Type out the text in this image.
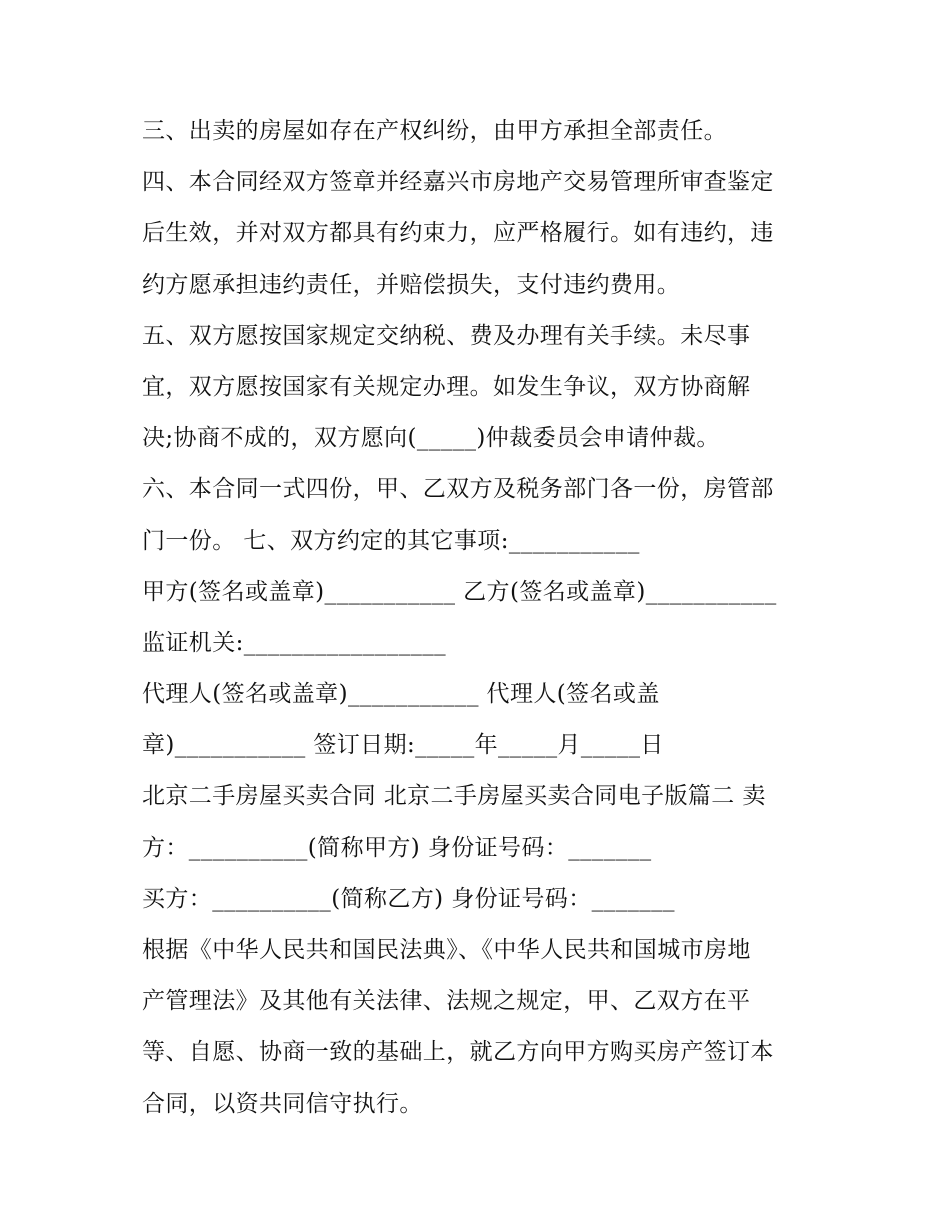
三、出卖的房屋如存在产权纠纷，由甲方承担全部责任。
四、本合同经双方签章并经嘉兴市房地产交易管理所审查鉴定
后生效，并对双方都具有约束力，应严格履行。如有违约，违
约方愿承担违约责任，并赔偿损失，支付违约费用。
五、双方愿按国家规定交纳税、费及办理有关手续。未尽事
宜，双方愿按国家有关规定办理。如发生争议，双方协商解
决;协商不成的，双方愿向(_____)仲裁委员会申请仲裁。
六、本合同一式四份，甲、乙双方及税务部门各一份，房管部
门一份。 七、双方约定的其它事项:___________
甲方(签名或盖章)___________ 乙方(签名或盖章)___________
监证机关:_________________
代理人(签名或盖章)___________ 代理人(签名或盖
章)___________ 签订日期:_____年_____月_____日
北京二手房屋买卖合同 北京二手房屋买卖合同电子版篇二 卖
方：__________(简称甲方) 身份证号码：_______
买方：__________(简称乙方) 身份证号码：_______
根据《中华人民共和国民法典》、《中华人民共和国城市房地
产管理法》及其他有关法律、法规之规定，甲、乙双方在平
等、自愿、协商一致的基础上，就乙方向甲方购买房产签订本
合同，以资共同信守执行。
